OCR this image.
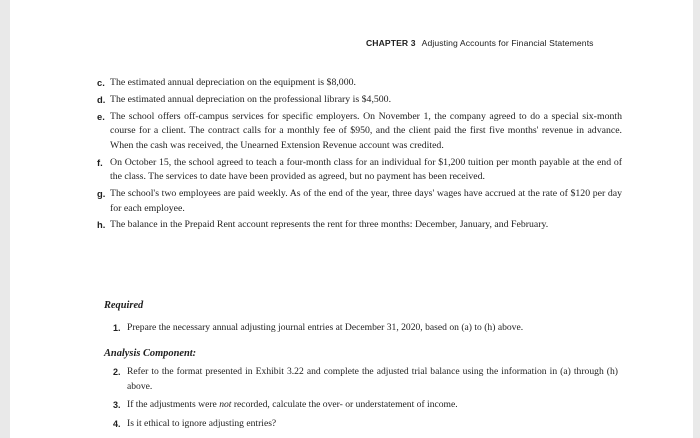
CHAPTER 3 Adjusting Accounts for Financial Statements
c. The estimated annual depreciation on the equipment is $8,000.
d. The estimated annual depreciation on the professional library is $4,500.
e. The school offers off-campus services for specific employers. On November 1, the company agreed to do a special six-month course for a client. The contract calls for a monthly fee of $950, and the client paid the first five months' revenue in advance. When the cash was received, the Unearned Extension Revenue account was credited.
f. On October 15, the school agreed to teach a four-month class for an individual for $1,200 tuition per month payable at the end of the class. The services to date have been provided as agreed, but no payment has been received.
g. The school's two employees are paid weekly. As of the end of the year, three days' wages have accrued at the rate of $120 per day for each employee.
h. The balance in the Prepaid Rent account represents the rent for three months: December, January, and February.
Required
1. Prepare the necessary annual adjusting journal entries at December 31, 2020, based on (a) to (h) above.
Analysis Component:
2. Refer to the format presented in Exhibit 3.22 and complete the adjusted trial balance using the information in (a) through (h) above.
3. If the adjustments were not recorded, calculate the over- or understatement of income.
4. Is it ethical to ignore adjusting entries?
